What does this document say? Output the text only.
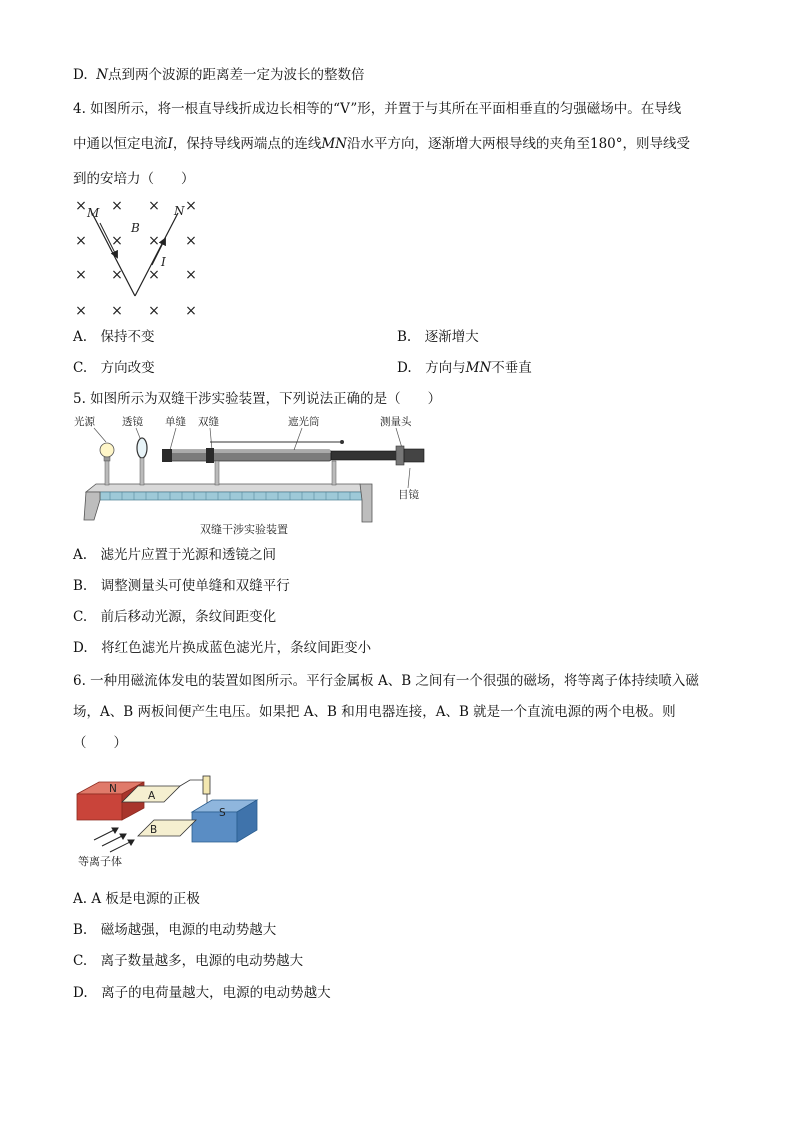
D. N点到两个波源的距离差一定为波长的整数倍
4. 如图所示，将一根直导线折成边长相等的“V”形，并置于与其所在平面相垂直的匀强磁场中。在导线
中通以恒定电流I，保持导线两端点的连线MN沿水平方向，逐渐增大两根导线的夹角至180°，则导线受
到的安培力（　　）
× × × ×
× × × ×
× × × ×
× × × ×
M	N
B
I
A.　保持不变	B.　逐渐增大
C.　方向改变	D.　方向与MN不垂直
5. 如图所示为双缝干涉实验装置，下列说法正确的是（　　）
光源	透镜 单缝 双缝	遮光筒	测量头
目镜
双缝干涉实验装置
A.　滤光片应置于光源和透镜之间
B.　调整测量头可使单缝和双缝平行
C.　前后移动光源，条纹间距变化
D.　将红色滤光片换成蓝色滤光片，条纹间距变小
6. 一种用磁流体发电的装置如图所示。平行金属板 A、B 之间有一个很强的磁场，将等离子体持续喷入磁
场，A、B 两板间便产生电压。如果把 A、B 和用电器连接，A、B 就是一个直流电源的两个电极。则
（　　）
N
A
S
B
等离子体
A. A 板是电源的正极
B.　磁场越强，电源的电动势越大
C.　离子数量越多，电源的电动势越大
D.　离子的电荷量越大，电源的电动势越大
